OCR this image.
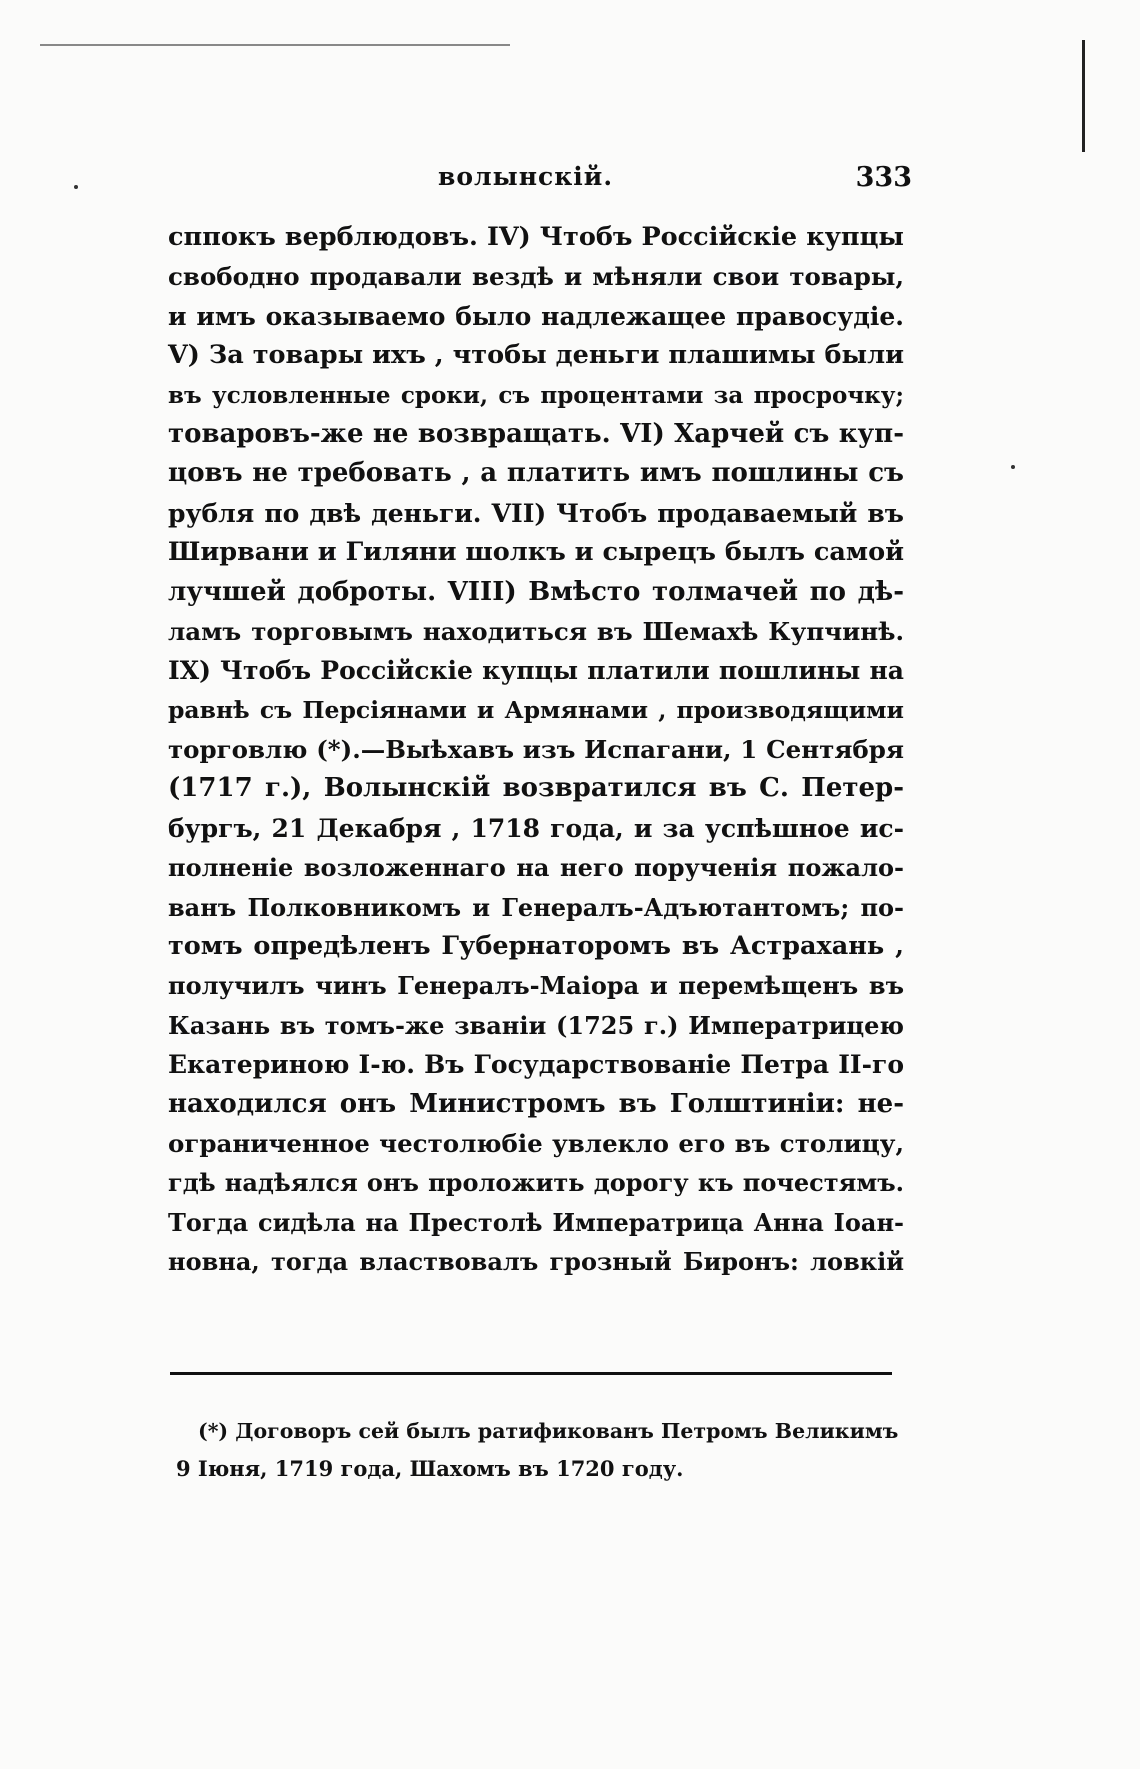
волынскій.	333
сппокъ верблюдовъ. IV) Чтобъ Россійскіе купцы
свободно продавали вездѣ и мѣняли свои товары,
и имъ оказываемо было надлежащее правосудіе.
V) За товары ихъ , чтобы деньги плашимы были
въ условленные сроки, съ процентами за просрочку;
товаровъ-же не возвращать. VI) Харчей съ куп-
цовъ не требовать , а платить имъ пошлины съ
рубля по двѣ деньги. VII) Чтобъ продаваемый въ
Ширвани и Гиляни шолкъ и сырецъ былъ самой
лучшей доброты. VIII) Вмѣсто толмачей по дѣ-
ламъ торговымъ находиться въ Шемахѣ Купчинѣ.
IX) Чтобъ Россійскіе купцы платили пошлины на
равнѣ съ Персіянами и Армянами , производящими
торговлю (*).—Выѣхавъ изъ Испагани, 1 Сентября
(1717 г.), Волынскій возвратился въ С. Петер-
бургъ, 21 Декабря , 1718 года, и за успѣшное ис-
полненіе возложеннаго на него порученія пожало-
ванъ Полковникомъ и Генералъ-Адъютантомъ; по-
томъ опредѣленъ Губернаторомъ въ Астрахань ,
получилъ чинъ Генералъ-Маіора и перемѣщенъ въ
Казань въ томъ-же званіи (1725 г.) Императрицею
Екатериною I-ю. Въ Государствованіе Петра II-го
находился онъ Министромъ въ Голштиніи: не-
ограниченное честолюбіе увлекло его въ столицу,
гдѣ надѣялся онъ проложить дорогу къ почестямъ.
Тогда сидѣла на Престолѣ Императрица Анна Іоан-
новна, тогда властвовалъ грозный Биронъ: ловкій
(*) Договоръ сей былъ ратификованъ Петромъ Великимъ
9 Іюня, 1719 года, Шахомъ въ 1720 году.
